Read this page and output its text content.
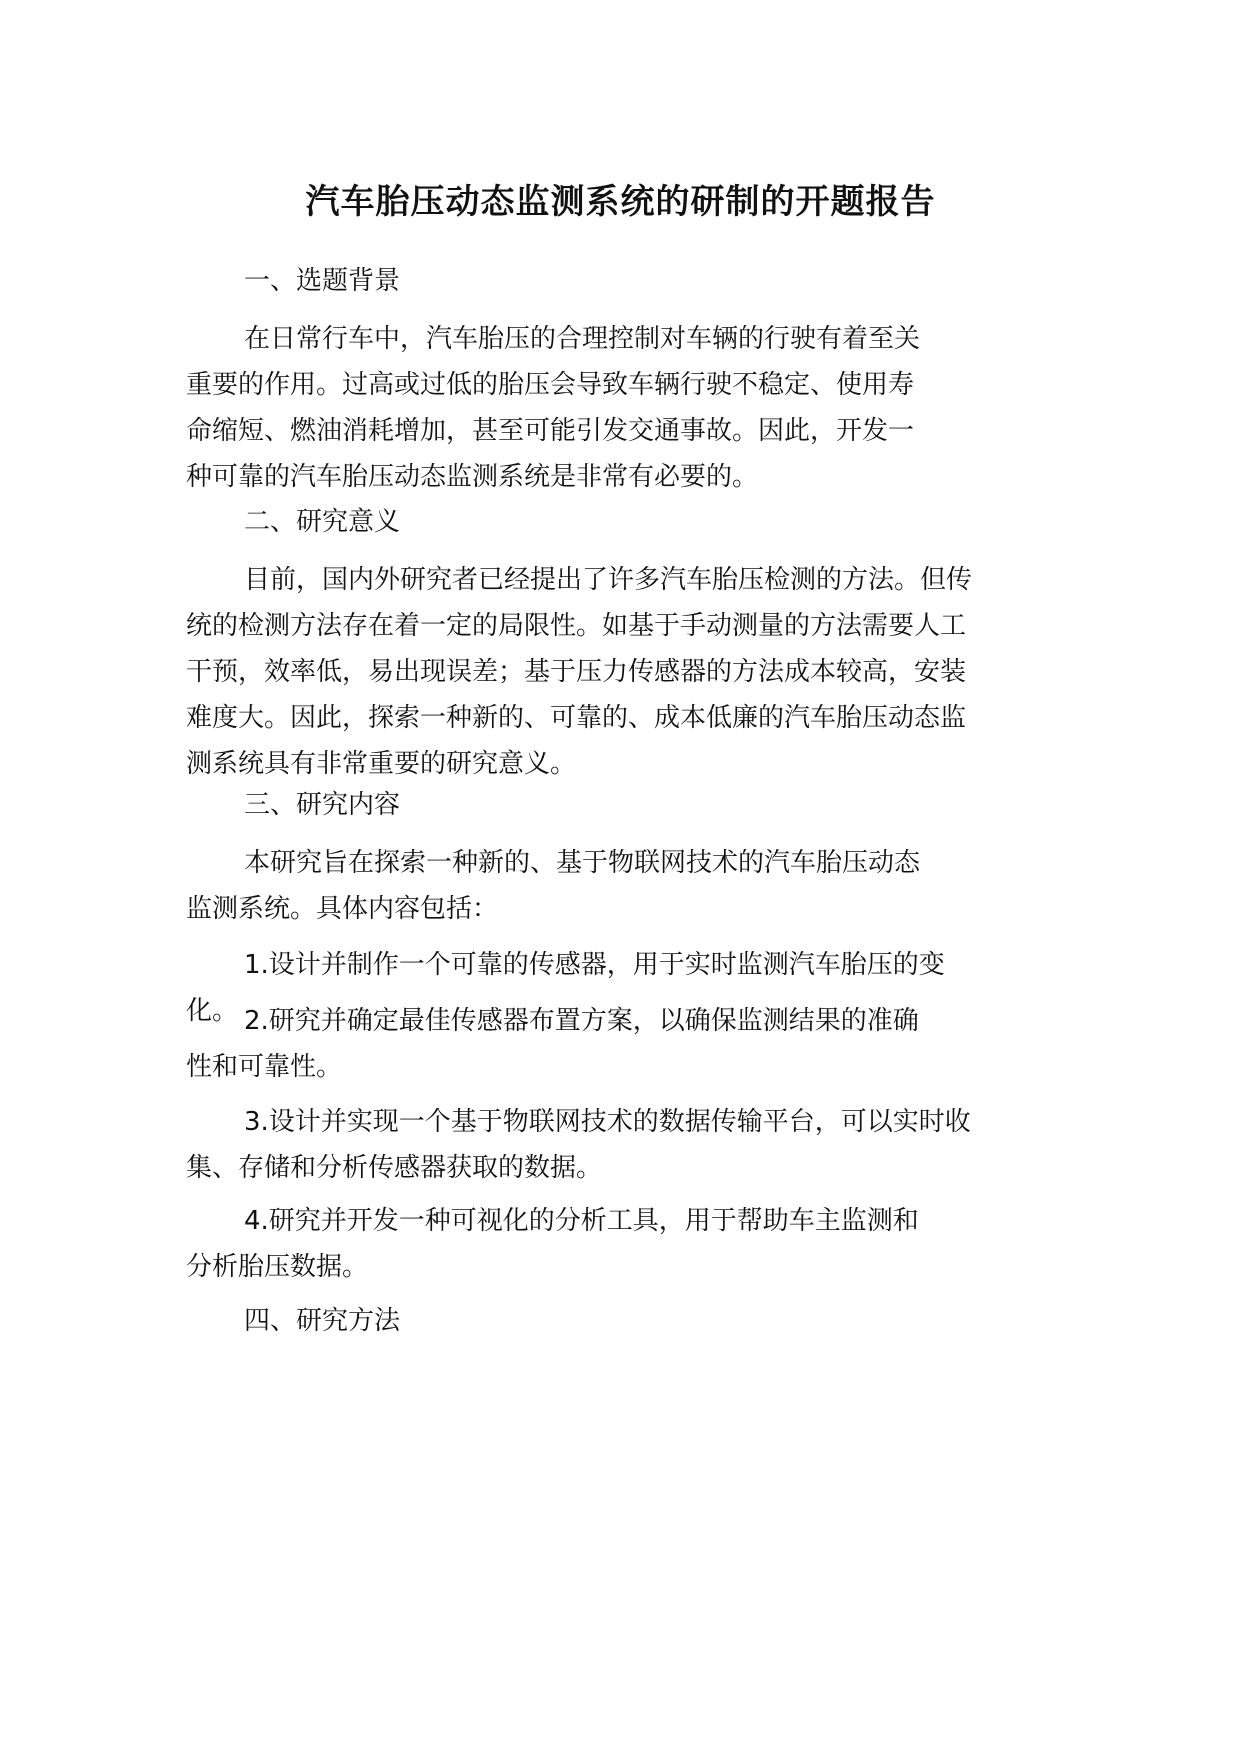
汽车胎压动态监测系统的研制的开题报告
一、选题背景

在日常行车中，汽车胎压的合理控制对车辆的行驶有着至关重要的作用。过高或过低的胎压会导致车辆行驶不稳定、使用寿命缩短、燃油消耗增加，甚至可能引发交通事故。因此，开发一种可靠的汽车胎压动态监测系统是非常有必要的。

二、研究意义

目前，国内外研究者已经提出了许多汽车胎压检测的方法。但传统的检测方法存在着一定的局限性。如基于手动测量的方法需要人工干预，效率低，易出现误差；基于压力传感器的方法成本较高，安装难度大。因此，探索一种新的、可靠的、成本低廉的汽车胎压动态监测系统具有非常重要的研究意义。

三、研究内容

本研究旨在探索一种新的、基于物联网技术的汽车胎压动态监测系统。具体内容包括：

1.设计并制作一个可靠的传感器，用于实时监测汽车胎压的变化。 2.研究并确定最佳传感器布置方案，以确保监测结果的准确性和可靠性。

3.设计并实现一个基于物联网技术的数据传输平台，可以实时收集、存储和分析传感器获取的数据。

4.研究并开发一种可视化的分析工具，用于帮助车主监测和分析胎压数据。

四、研究方法
